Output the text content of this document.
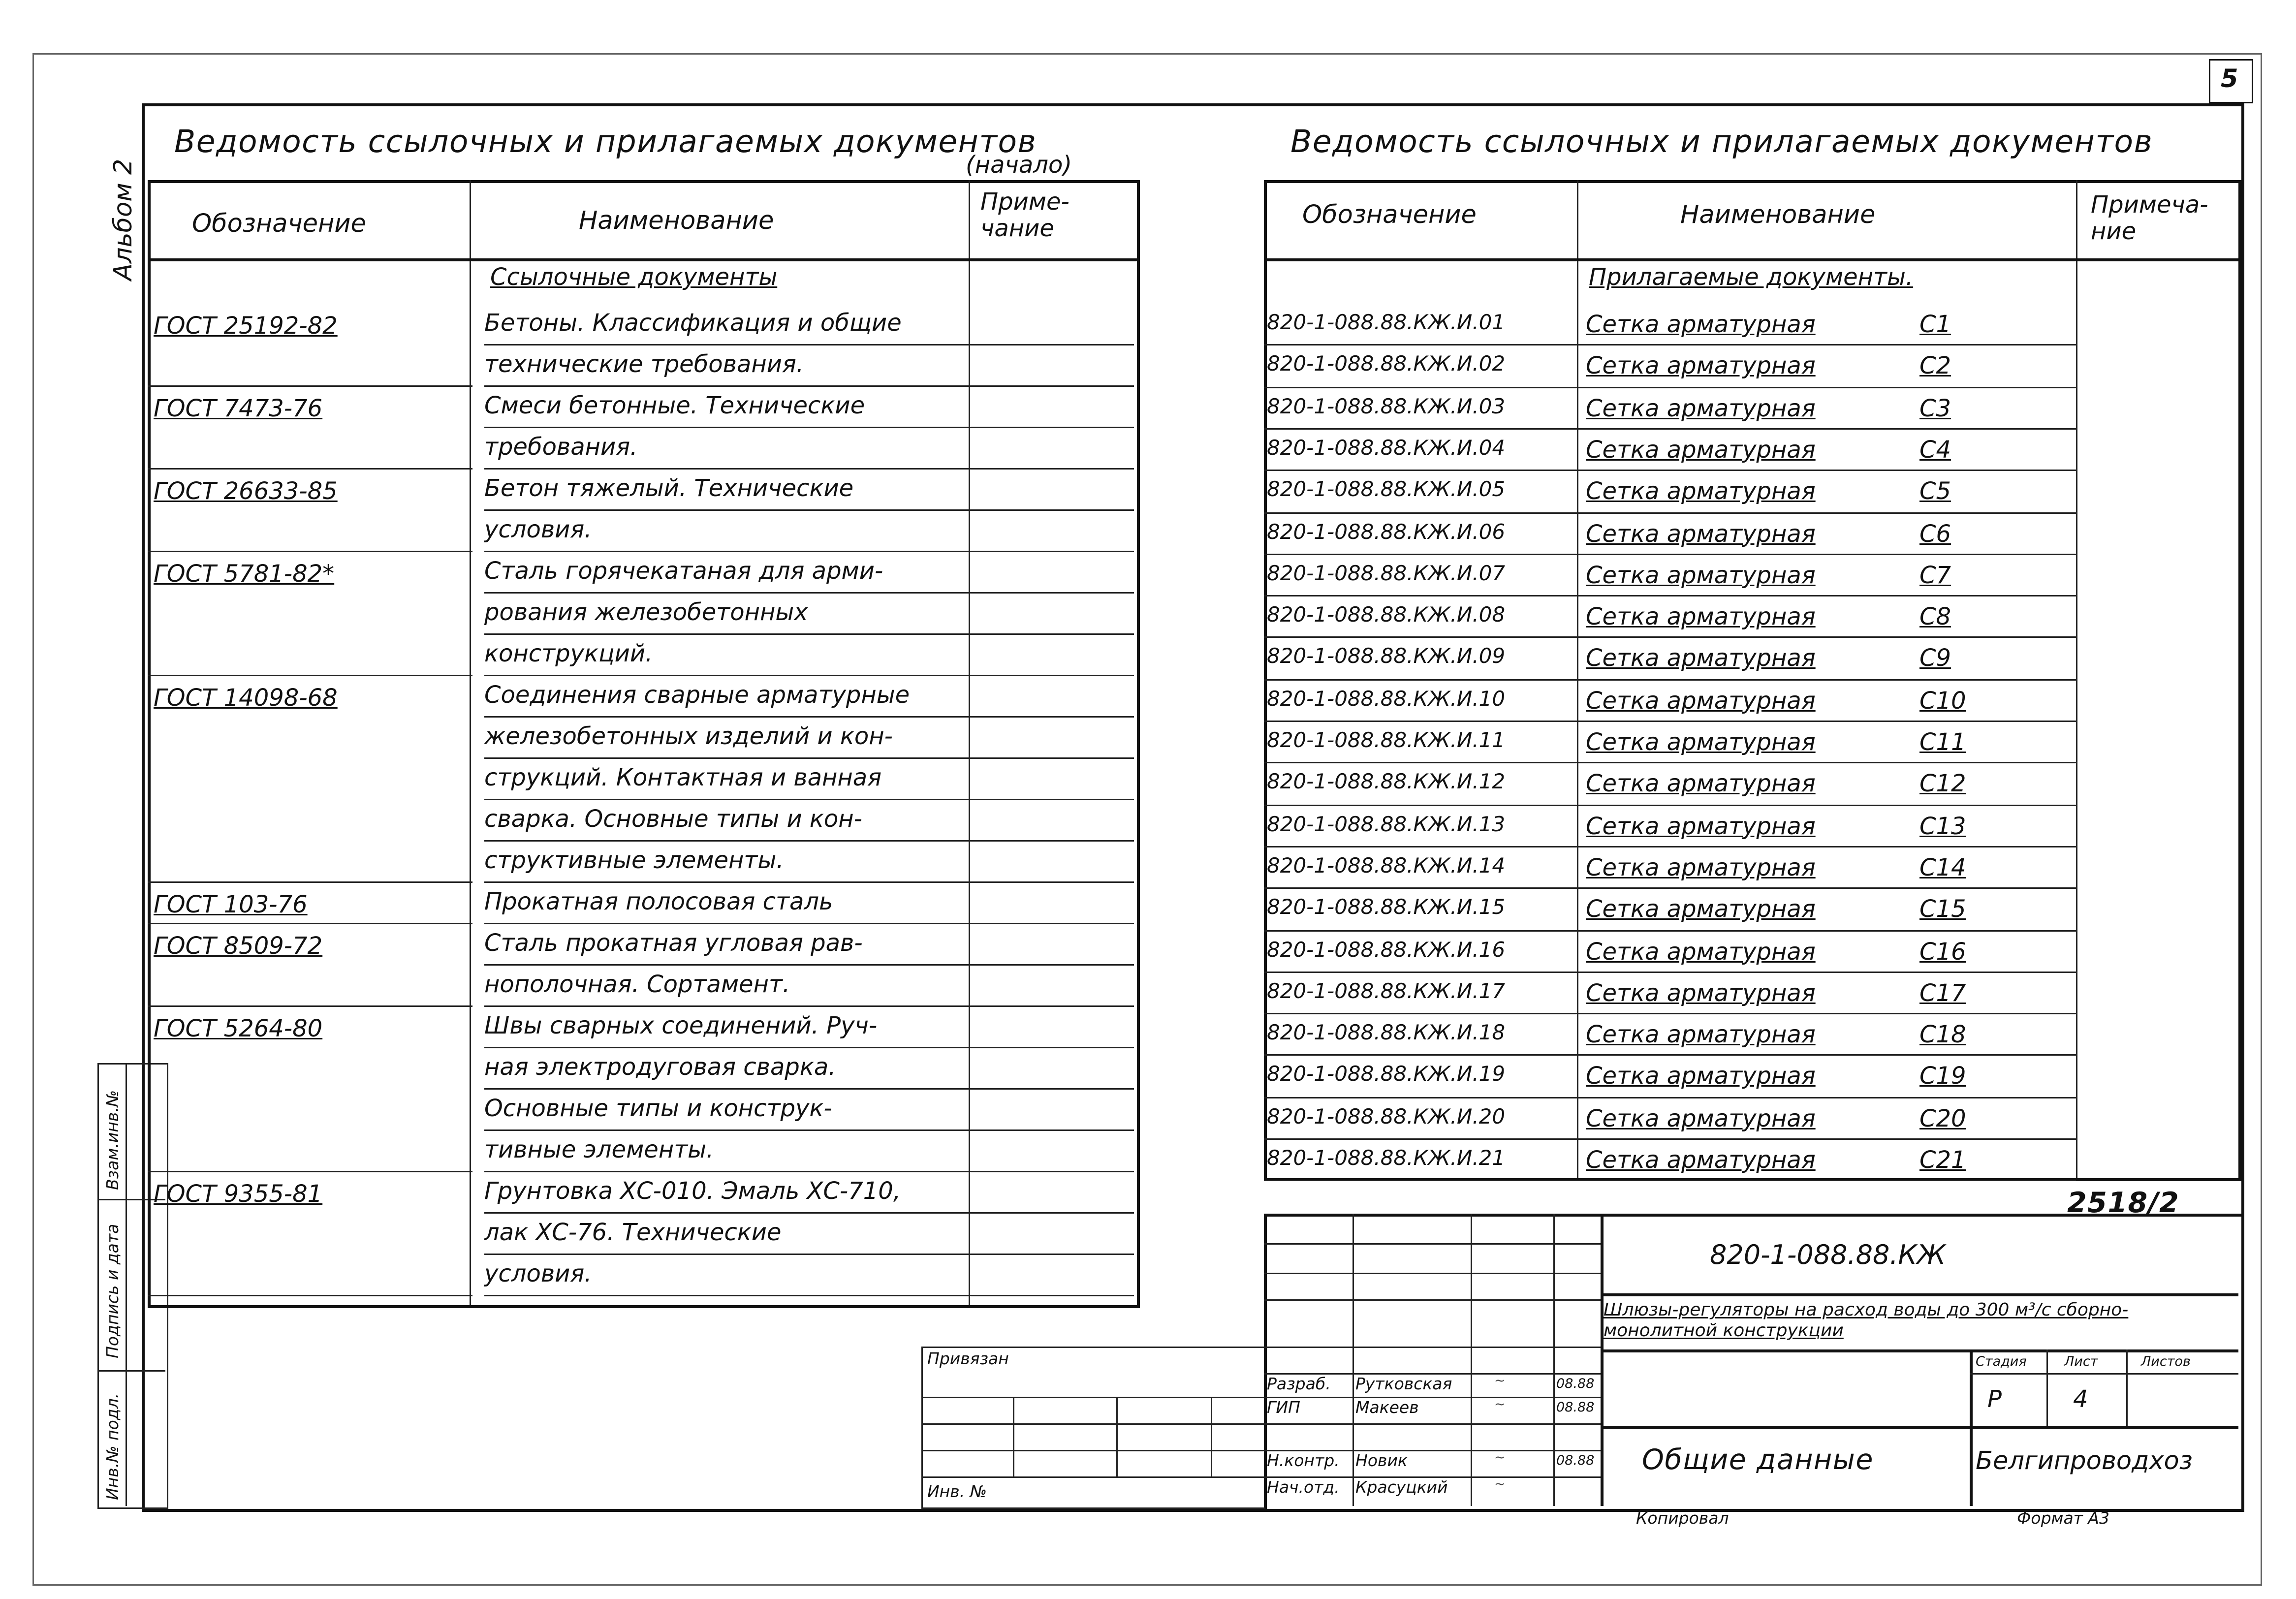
5
Альбом 2
Взам.инв.№
Подпись и дата
Инв.№ подл.
Ведомость ссылочных и прилагаемых документов
(начало)
Обозначение	Наименование
Приме-
чание
Ссылочные документы
ГОСТ 25192-82	Бетоны. Классификация и общие
технические требования.
ГОСТ 7473-76	Смеси бетонные. Технические
требования.
ГОСТ 26633-85	Бетон тяжелый. Технические
условия.
ГОСТ 5781-82*	Сталь горячекатаная для арми-
рования железобетонных
конструкций.
ГОСТ 14098-68	Соединения сварные арматурные
железобетонных изделий и кон-
струкций. Контактная и ванная
сварка. Основные типы и кон-
структивные элементы.
ГОСТ 103-76	Прокатная полосовая сталь
ГОСТ 8509-72	Сталь прокатная угловая рав-
нополочная. Сортамент.
ГОСТ 5264-80	Швы сварных соединений. Руч-
ная электродуговая сварка.
Основные типы и конструк-
тивные элементы.
ГОСТ 9355-81	Грунтовка ХС-010. Эмаль ХС-710,
лак ХС-76. Технические
условия.
Ведомость ссылочных и прилагаемых документов
Обозначение	Наименование	Примеча-
ние
Прилагаемые документы.
820-1-088.88.КЖ.И.01	Сетка арматурная	С1
820-1-088.88.КЖ.И.02	Сетка арматурная	С2
820-1-088.88.КЖ.И.03	Сетка арматурная	С3
820-1-088.88.КЖ.И.04	Сетка арматурная	С4
820-1-088.88.КЖ.И.05	Сетка арматурная	С5
820-1-088.88.КЖ.И.06	Сетка арматурная	С6
820-1-088.88.КЖ.И.07	Сетка арматурная	С7
820-1-088.88.КЖ.И.08	Сетка арматурная	С8
820-1-088.88.КЖ.И.09	Сетка арматурная	С9
820-1-088.88.КЖ.И.10	Сетка арматурная	С10
820-1-088.88.КЖ.И.11	Сетка арматурная	С11
820-1-088.88.КЖ.И.12	Сетка арматурная	С12
820-1-088.88.КЖ.И.13	Сетка арматурная	С13
820-1-088.88.КЖ.И.14	Сетка арматурная	С14
820-1-088.88.КЖ.И.15	Сетка арматурная	С15
820-1-088.88.КЖ.И.16	Сетка арматурная	С16
820-1-088.88.КЖ.И.17	Сетка арматурная	С17
820-1-088.88.КЖ.И.18	Сетка арматурная	С18
820-1-088.88.КЖ.И.19	Сетка арматурная	С19
820-1-088.88.КЖ.И.20	Сетка арматурная	С20
820-1-088.88.КЖ.И.21	Сетка арматурная	С21
2518/2
820-1-088.88.КЖ
Шлюзы-регуляторы на расход воды до 300 м³/с сборно-монолитной конструкции
Стадия	Лист	Листов
Р	4
Общие данные	Белгипроводхоз
Разраб.	Рутковская	08.88
~
ГИП	Макеев	08.88
~
Н.контр.	Новик	08.88
~
Нач.отд.	Красуцкий	~
Привязан
Инв. №
Копировал	Формат А3
